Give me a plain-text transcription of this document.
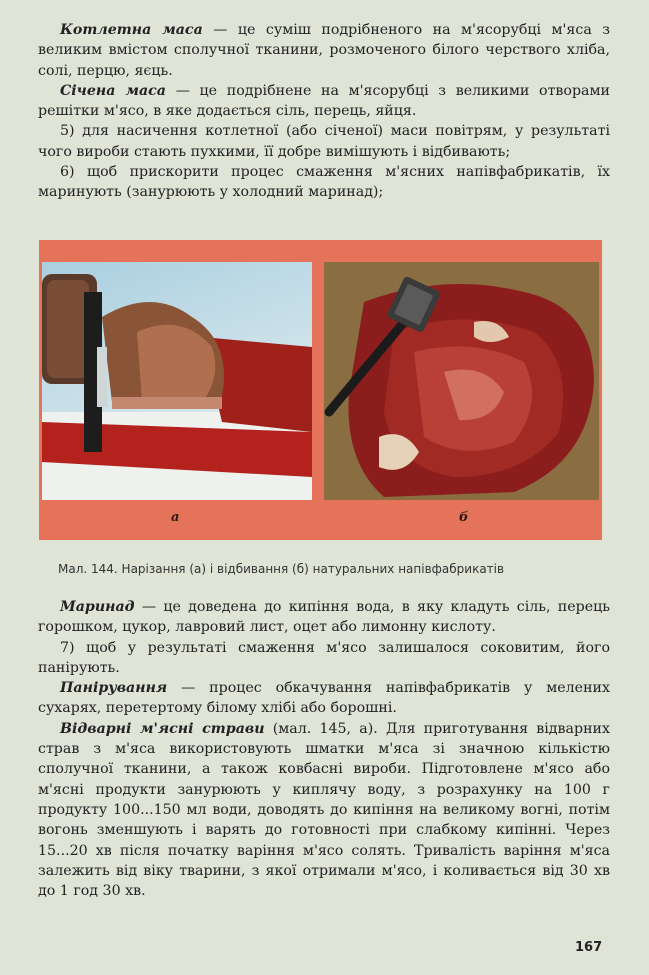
Котлетна маса — це суміш подрібненого на м'ясорубці м'яса з великим вмістом сполучної тканини, розмоченого білого черствого хліба, солі, перцю, яєць.

Січена маса — це подрібнене на м'ясорубці з великими отворами решітки м'ясо, в яке додається сіль, перець, яйця.

5) для насичення котлетної (або січеної) маси повітрям, у результаті чого вироби стають пухкими, її добре вимішують і відбивають;

6) щоб прискорити процес смаження м'ясних напівфабрикатів, їх маринують (занурюють у холодний маринад);

а	б
Мал. 144. Нарізання (а) і відбивання (б) натуральних напівфабрикатів

Маринад — це доведена до кипіння вода, в яку кладуть сіль, перець горошком, цукор, лавровий лист, оцет або лимонну кислоту.

7) щоб у результаті смаження м'ясо залишалося соковитим, його панірують.

Панірування — процес обкачування напівфабрикатів у мелених сухарях, перетертому білому хлібі або борошні.

Відварні м'ясні страви (мал. 145, а). Для приготування відварних страв з м'яса використовують шматки м'яса зі значною кількістю сполучної тканини, а також ковбасні вироби. Підготовлене м'ясо або м'ясні продукти занурюють у киплячу воду, з розрахунку на 100 г продукту 100...150 мл води, доводять до кипіння на великому вогні, потім вогонь зменшують і варять до готовності при слабкому кипінні. Через 15...20 хв після початку варіння м'ясо солять. Тривалість варіння м'яса залежить від віку тварини, з якої отримали м'ясо, і коливається від 30 хв до 1 год 30 хв.

167
